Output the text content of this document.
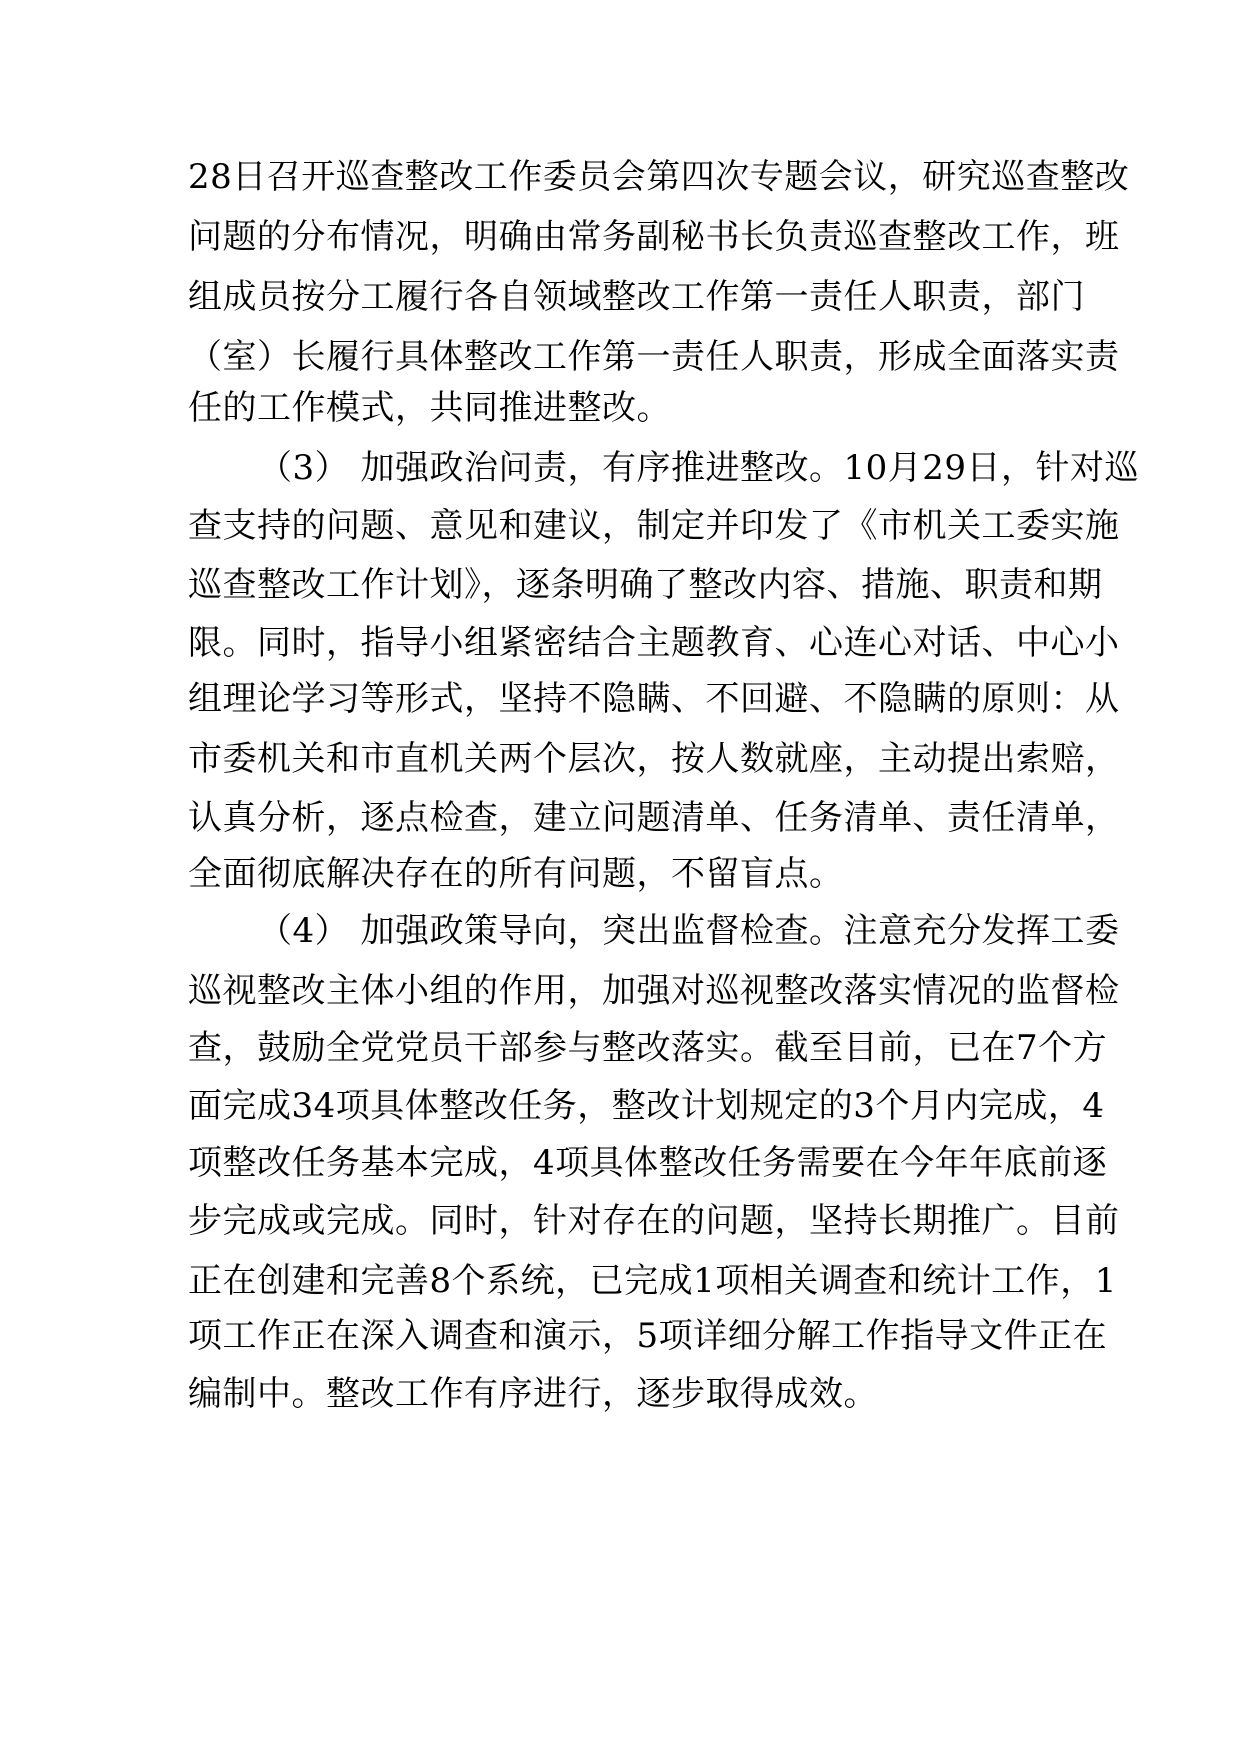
28日召开巡查整改工作委员会第四次专题会议，研究巡查整改

问题的分布情况，明确由常务副秘书长负责巡查整改工作，班

组成员按分工履行各自领域整改工作第一责任人职责，部门

（室）长履行具体整改工作第一责任人职责，形成全面落实责

任的工作模式，共同推进整改。

（3） 加强政治问责，有序推进整改。10月29日，针对巡

查支持的问题、意见和建议，制定并印发了《市机关工委实施

巡查整改工作计划》，逐条明确了整改内容、措施、职责和期

限。同时，指导小组紧密结合主题教育、心连心对话、中心小

组理论学习等形式，坚持不隐瞒、不回避、不隐瞒的原则：从

市委机关和市直机关两个层次，按人数就座，主动提出索赔，

认真分析，逐点检查，建立问题清单、任务清单、责任清单，

全面彻底解决存在的所有问题，不留盲点。

（4） 加强政策导向，突出监督检查。注意充分发挥工委

巡视整改主体小组的作用，加强对巡视整改落实情况的监督检

查，鼓励全党党员干部参与整改落实。截至目前，已在7个方

面完成34项具体整改任务，整改计划规定的3个月内完成，4

项整改任务基本完成，4项具体整改任务需要在今年年底前逐

步完成或完成。同时，针对存在的问题，坚持长期推广。目前

正在创建和完善8个系统，已完成1项相关调查和统计工作，1

项工作正在深入调查和演示，5项详细分解工作指导文件正在

编制中。整改工作有序进行，逐步取得成效。
